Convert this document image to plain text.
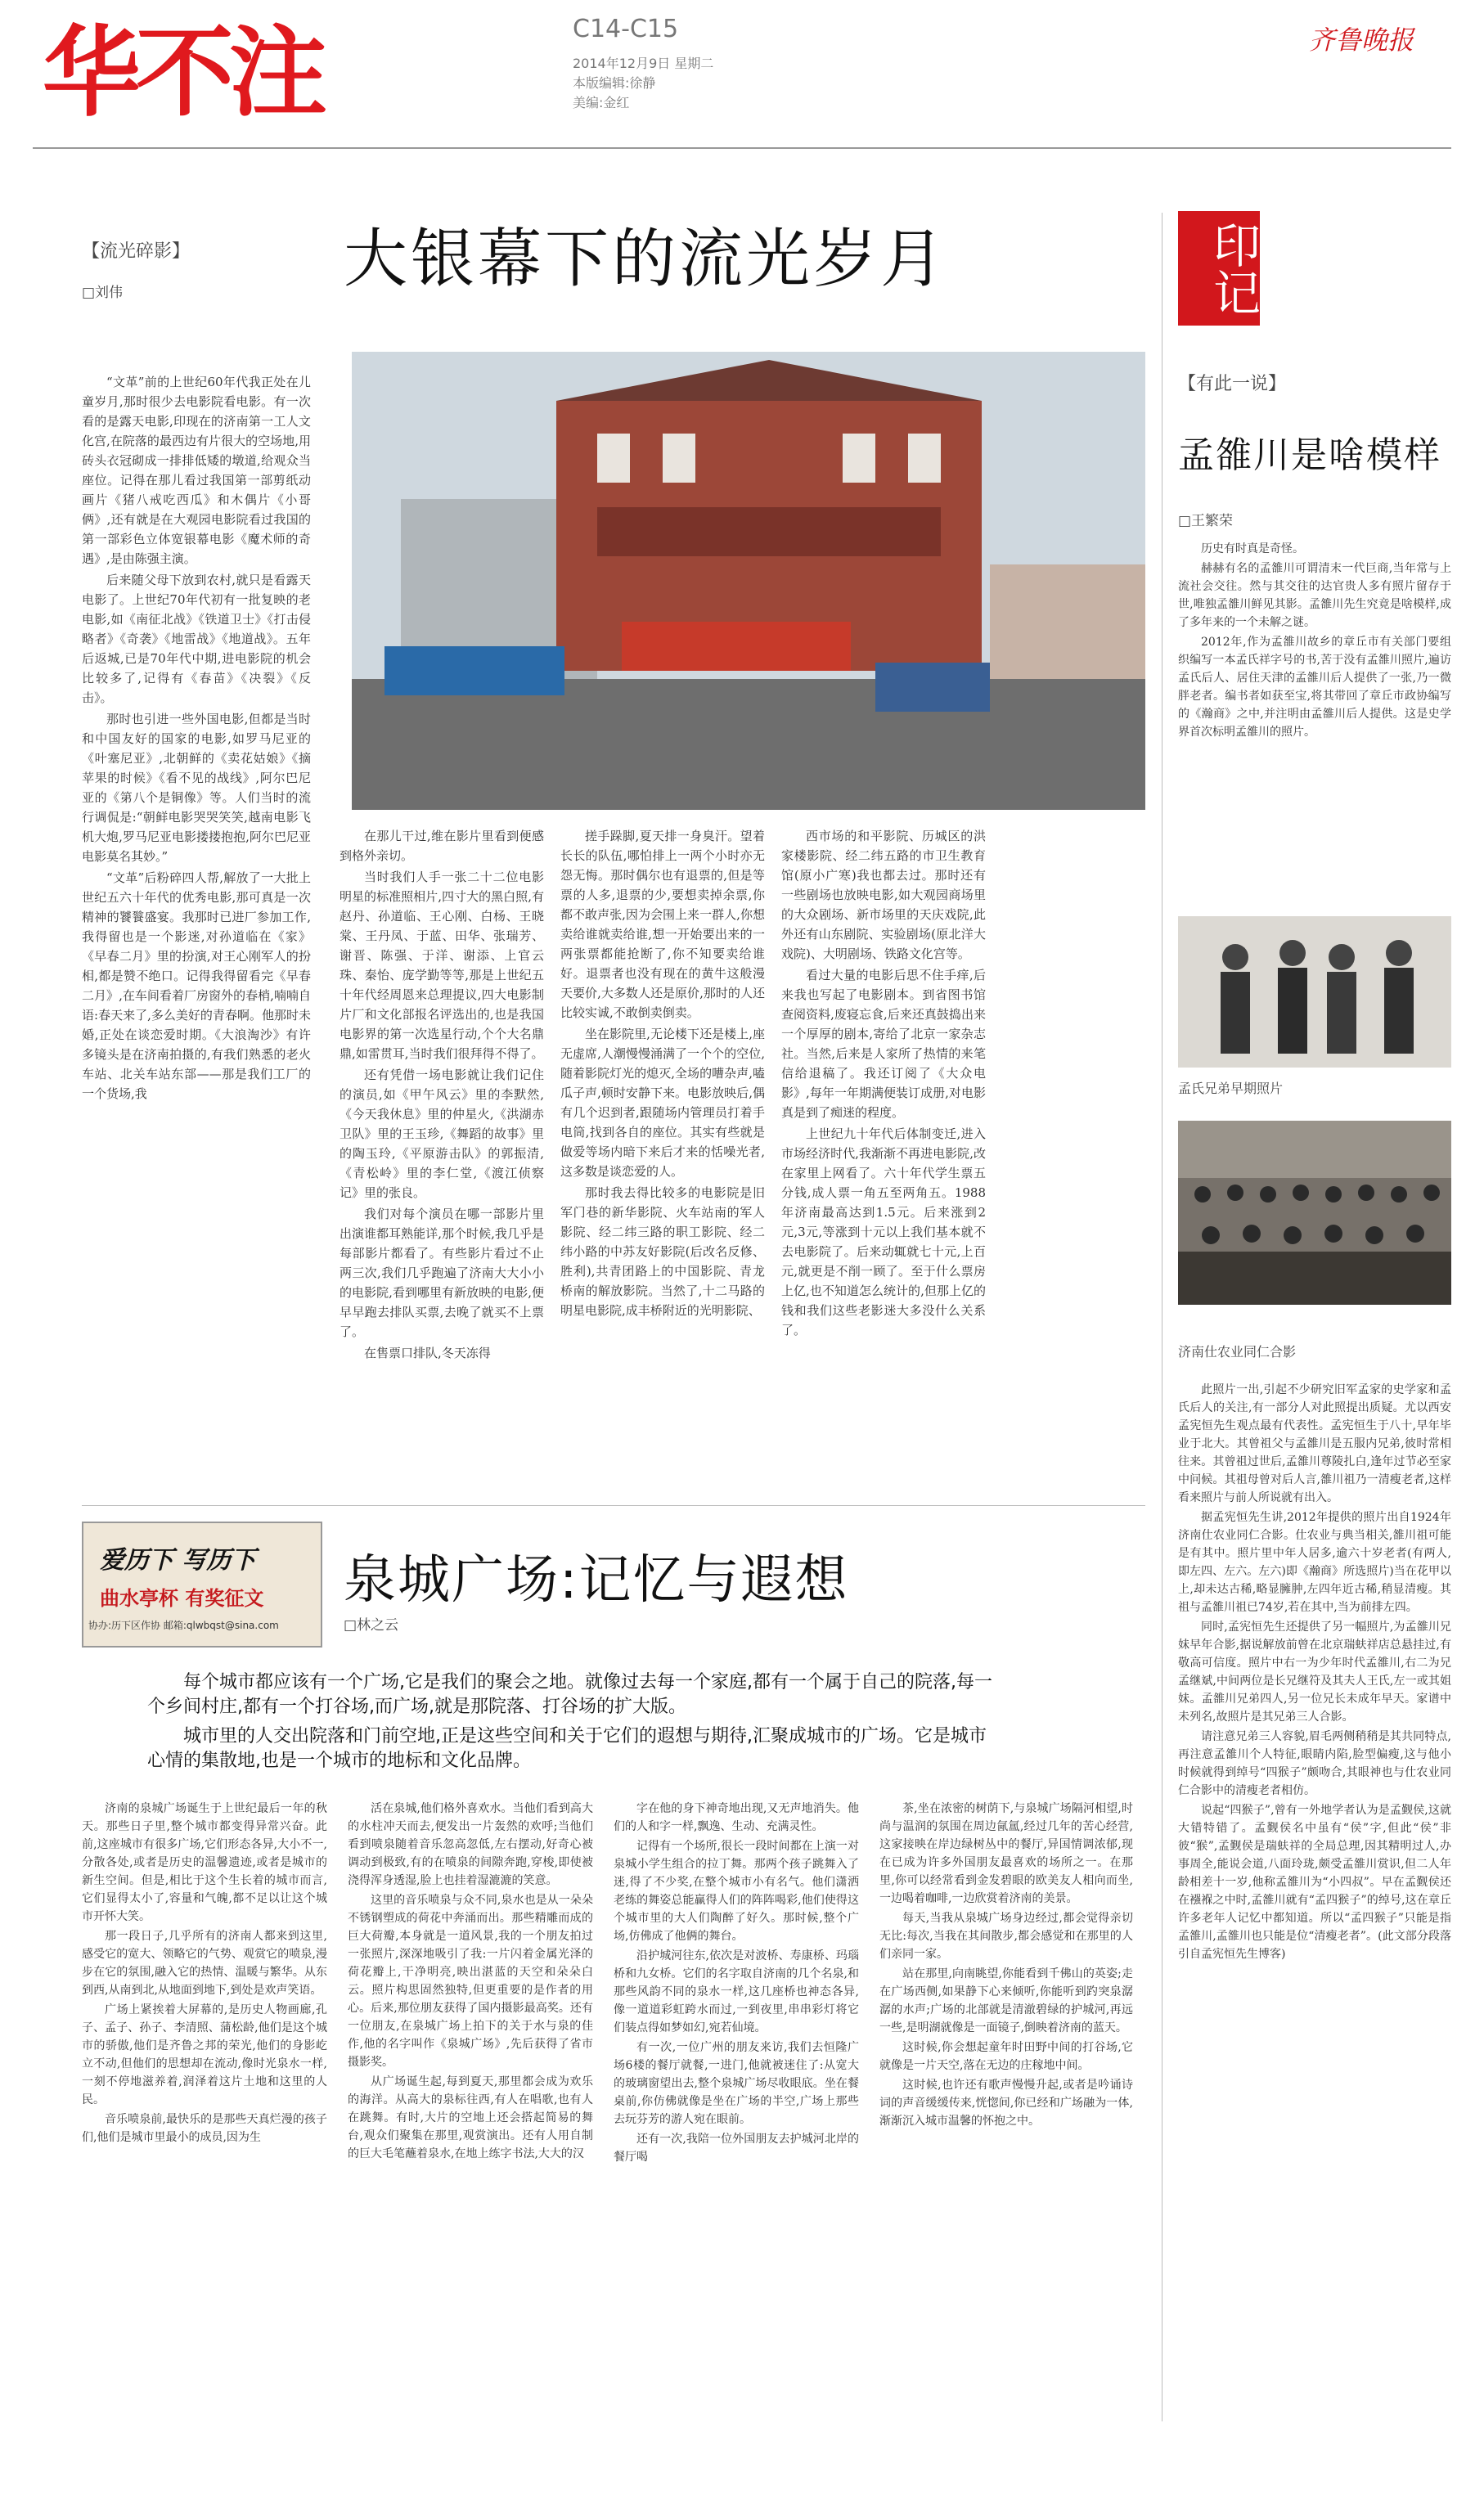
华不注	C14-C15
2014年12月9日 星期二
本版编辑:徐静
美编:金红
齐鲁晚报
【流光碎影】
□刘伟	大银幕下的流光岁月

“文革”前的上世纪60年代我正处在儿童岁月,那时很少去电影院看电影。有一次看的是露天电影,印现在的济南第一工人文化宫,在院落的最西边有片很大的空场地,用砖头衣冠砌成一排排低矮的墩道,给观众当座位。记得在那儿看过我国第一部剪纸动画片《猪八戒吃西瓜》和木偶片《小哥俩》,还有就是在大观园电影院看过我国的第一部彩色立体宽银幕电影《魔术师的奇遇》,是由陈强主演。

后来随父母下放到农村,就只是看露天电影了。上世纪70年代初有一批复映的老电影,如《南征北战》《铁道卫士》《打击侵略者》《奇袭》《地雷战》《地道战》。五年后返城,已是70年代中期,进电影院的机会比较多了,记得有《春苗》《决裂》《反击》。

那时也引进一些外国电影,但都是当时和中国友好的国家的电影,如罗马尼亚的《叶塞尼亚》,北朝鲜的《卖花姑娘》《摘苹果的时候》《看不见的战线》,阿尔巴尼亚的《第八个是铜像》等。人们当时的流行调侃是:“朝鲜电影哭哭笑笑,越南电影飞机大炮,罗马尼亚电影搂搂抱抱,阿尔巴尼亚电影莫名其妙。”

“文革”后粉碎四人帮,解放了一大批上世纪五六十年代的优秀电影,那可真是一次精神的饕餮盛宴。我那时已进厂参加工作,我得留也是一个影迷,对孙道临在《家》《早春二月》里的扮演,对王心刚军人的扮相,都是赞不绝口。记得我得留看完《早春二月》,在车间看着厂房窗外的春梢,喃喃自语:春天来了,多么美好的青春啊。他那时未婚,正处在谈恋爱时期。《大浪淘沙》有许多镜头是在济南拍摄的,有我们熟悉的老火车站、北关车站东部——那是我们工厂的一个货场,我

在那儿干过,维在影片里看到便感到格外亲切。

当时我们人手一张二十二位电影明星的标准照相片,四寸大的黑白照,有赵丹、孙道临、王心刚、白杨、王晓棠、王丹凤、于蓝、田华、张瑞芳、谢晋、陈强、于洋、谢添、上官云珠、秦怡、庞学勤等等,那是上世纪五十年代经周恩来总理提议,四大电影制片厂和文化部报名评选出的,也是我国电影界的第一次选星行动,个个大名鼎鼎,如雷贯耳,当时我们很拜得不得了。

还有凭借一场电影就让我们记住的演员,如《甲午风云》里的李默然,《今天我休息》里的仲星火,《洪湖赤卫队》里的王玉珍,《舞蹈的故事》里的陶玉玲,《平原游击队》的郭振清,《青松岭》里的李仁堂,《渡江侦察记》里的张良。

我们对每个演员在哪一部影片里出演谁都耳熟能详,那个时候,我几乎是每部影片都看了。有些影片看过不止两三次,我们几乎跑遍了济南大大小小的电影院,看到哪里有新放映的电影,便早早跑去排队买票,去晚了就买不上票了。

在售票口排队,冬天冻得

搓手跺脚,夏天排一身臭汗。望着长长的队伍,哪怕排上一两个小时亦无怨无悔。那时偶尔也有退票的,但是等票的人多,退票的少,要想卖掉余票,你都不敢声张,因为会围上来一群人,你想卖给谁就卖给谁,想一开始要出来的一两张票都能抢断了,你不知要卖给谁好。退票者也没有现在的黄牛这般漫天要价,大多数人还是原价,那时的人还比较实诚,不敢倒卖倒卖。

坐在影院里,无论楼下还是楼上,座无虚席,人潮慢慢涌满了一个个的空位,随着影院灯光的熄灭,全场的嘈杂声,嗑瓜子声,顿时安静下来。电影放映后,偶有几个迟到者,跟随场内管理员打着手电筒,找到各自的座位。其实有些就是做爱等场内暗下来后才来的恬噪光者,这多数是谈恋爱的人。

那时我去得比较多的电影院是旧军门巷的新华影院、火车站南的军人影院、经二纬三路的职工影院、经二纬小路的中苏友好影院(后改名反修、胜利),共青团路上的中国影院、青龙桥南的解放影院。当然了,十二马路的明星电影院,成丰桥附近的光明影院、

西市场的和平影院、历城区的洪家楼影院、经二纬五路的市卫生教育馆(原小广寒)我也都去过。那时还有一些剧场也放映电影,如大观园商场里的大众剧场、新市场里的天庆戏院,此外还有山东剧院、实验剧场(原北洋大戏院)、大明剧场、铁路文化宫等。

看过大量的电影后思不住手痒,后来我也写起了电影剧本。到省图书馆查阅资料,废寝忘食,后来还真鼓捣出来一个厚厚的剧本,寄给了北京一家杂志社。当然,后来是人家所了热情的来笔信给退稿了。我还订阅了《大众电影》,每年一年期满便装订成册,对电影真是到了痴迷的程度。

上世纪九十年代后体制变迁,进入市场经济时代,我渐渐不再进电影院,改在家里上网看了。六十年代学生票五分钱,成人票一角五至两角五。1988年济南最高达到1.5元。后来涨到2元,3元,等涨到十元以上我们基本就不去电影院了。后来动辄就七十元,上百元,就更是不削一顾了。至于什么票房上亿,也不知道怎么统计的,但那上亿的钱和我们这些老影迷大多没什么关系了。

印记
【有此一说】
孟雒川是啥模样
□王繁荣

历史有时真是奇怪。

赫赫有名的孟雒川可谓清末一代巨商,当年常与上流社会交往。然与其交往的达官贵人多有照片留存于世,唯独孟雒川鲜见其影。孟雒川先生究竟是啥模样,成了多年来的一个未解之谜。

2012年,作为孟雒川故乡的章丘市有关部门要组织编写一本孟氏祥字号的书,苦于没有孟雒川照片,遍访孟氏后人、居住天津的孟雒川后人提供了一张,乃一微胖老者。编书者如获至宝,将其带回了章丘市政协编写的《瀚商》之中,并注明由孟雒川后人提供。这是史学界首次标明孟雒川的照片。

孟氏兄弟早期照片
济南仕农业同仁合影

此照片一出,引起不少研究旧军孟家的史学家和孟氏后人的关注,有一部分人对此照提出质疑。尤以西安孟宪恒先生观点最有代表性。孟宪恒生于八十,早年毕业于北大。其曾祖父与孟雒川是五服内兄弟,彼时常相往来。其曾祖过世后,孟雒川尊陵扎白,逢年过节必至家中问候。其祖母曾对后人言,雒川祖乃一清瘦老者,这样看来照片与前人所说就有出入。

据孟宪恒先生讲,2012年提供的照片出自1924年济南仕农业同仁合影。仕农业与典当相关,雒川祖可能是有其中。照片里中年人居多,逾六十岁老者(有两人,即左四、左六。左六)即《瀚商》所选照片)当在花甲以上,却未达古稀,略显臃肿,左四年近古稀,稍显清瘦。其祖与孟雒川祖已74岁,若在其中,当为前排左四。

同时,孟宪恒先生还提供了另一幅照片,为孟雒川兄妹早年合影,据说解放前曾在北京瑞蚨祥店总悬挂过,有敬高可信度。照片中右一为少年时代孟雒川,右二为兄孟继斌,中间两位是长兄继符及其夫人王氏,左一或其姐妹。孟雒川兄弟四人,另一位兄长未成年早天。家谱中未列名,故照片是其兄弟三人合影。

请注意兄弟三人容貌,眉毛两侧稍稍是其共同特点,再注意孟雒川个人特征,眼睛内陷,脸型偏瘦,这与他小时候就得到绰号“四猴子”颇吻合,其眼神也与仕农业同仁合影中的清瘦老者相仿。

说起“四猴子”,曾有一外地学者认为是孟觐侯,这就大错特错了。孟觐侯名中虽有“侯”字,但此“侯”非彼“猴”,孟觐侯是瑞蚨祥的全局总理,因其精明过人,办事周全,能说会道,八面玲珑,颇受孟雒川赏识,但二人年龄相差十一岁,他称孟雒川为“小四叔”。早在孟觐侯还在襁褓之中时,孟雒川就有“孟四猴子”的绰号,这在章丘许多老年人记忆中都知道。所以“孟四猴子”只能是指孟雒川,孟雒川也只能是位“清瘦老者”。(此文部分段落引自孟宪恒先生博客)

爱历下 写历下
曲水亭杯 有奖征文
协办:历下区作协 邮箱:qlwbqst@sina.com
泉城广场:记忆与遐想
□林之云

每个城市都应该有一个广场,它是我们的聚会之地。就像过去每一个家庭,都有一个属于自己的院落,每一个乡间村庄,都有一个打谷场,而广场,就是那院落、打谷场的扩大版。

城市里的人交出院落和门前空地,正是这些空间和关于它们的遐想与期待,汇聚成城市的广场。它是城市心情的集散地,也是一个城市的地标和文化品牌。

济南的泉城广场诞生于上世纪最后一年的秋天。那些日子里,整个城市都变得异常兴奋。此前,这座城市有很多广场,它们形态各异,大小不一,分散各处,或者是历史的温馨遗迹,或者是城市的新生空间。但是,相比于这个生长着的城市而言,它们显得太小了,容量和气魄,都不足以让这个城市开怀大笑。

那一段日子,几乎所有的济南人都来到这里,感受它的宽大、领略它的气势、观赏它的喷泉,漫步在它的氛围,融入它的热情、温暖与繁华。从东到西,从南到北,从地面到地下,到处是欢声笑语。

广场上紧挨着大屏幕的,是历史人物画廊,孔子、孟子、孙子、李清照、蒲松龄,他们是这个城市的骄傲,他们是齐鲁之邦的荣光,他们的身影屹立不动,但他们的思想却在流动,像时光泉水一样,一刻不停地滋养着,润泽着这片土地和这里的人民。

音乐喷泉前,最快乐的是那些天真烂漫的孩子们,他们是城市里最小的成员,因为生

活在泉城,他们格外喜欢水。当他们看到高大的水柱冲天而去,便发出一片轰然的欢呼;当他们看到喷泉随着音乐忽高忽低,左右摆动,好奇心被调动到极致,有的在喷泉的间隙奔跑,穿梭,即使被浇得浑身透湿,脸上也挂着湿漉漉的笑意。

这里的音乐喷泉与众不同,泉水也是从一朵朵不锈钢塑成的荷花中奔涌而出。那些精雕而成的巨大荷瓣,本身就是一道风景,我的一个朋友拍过一张照片,深深地吸引了我:一片闪着金属光泽的荷花瓣上,干净明亮,映出湛蓝的天空和朵朵白云。照片构思固然独特,但更重要的是作者的用心。后来,那位朋友获得了国内摄影最高奖。还有一位朋友,在泉城广场上拍下的关于水与泉的佳作,他的名字叫作《泉城广场》,先后获得了省市摄影奖。

从广场诞生起,每到夏天,那里都会成为欢乐的海洋。从高大的泉标往西,有人在唱歌,也有人在跳舞。有时,大片的空地上还会搭起简易的舞台,观众们聚集在那里,观赏演出。还有人用自制的巨大毛笔蘸着泉水,在地上练字书法,大大的汉

字在他的身下神奇地出现,又无声地消失。他们的人和字一样,飘逸、生动、充满灵性。

记得有一个场所,很长一段时间都在上演一对泉城小学生组合的拉丁舞。那两个孩子跳舞入了迷,得了不少奖,在整个城市小有名气。他们潇洒老练的舞姿总能赢得人们的阵阵喝彩,他们使得这个城市里的大人们陶醉了好久。那时候,整个广场,仿佛成了他俩的舞台。

沿护城河往东,依次是对波桥、寿康桥、玛瑙桥和九女桥。它们的名字取自济南的几个名泉,和那些风韵不同的泉水一样,这几座桥也神态各异,像一道道彩虹跨水而过,一到夜里,串串彩灯将它们装点得如梦如幻,宛若仙境。

有一次,一位广州的朋友来访,我们去恒隆广场6楼的餐厅就餐,一进门,他就被迷住了:从宽大的玻璃窗望出去,整个泉城广场尽收眼底。坐在餐桌前,你仿佛就像是坐在广场的半空,广场上那些去玩芬芳的游人宛在眼前。

还有一次,我陪一位外国朋友去护城河北岸的餐厅喝

茶,坐在浓密的树荫下,与泉城广场隔河相望,时尚与温润的氛围在周边氤氲,经过几年的苦心经营,这家接映在岸边绿树丛中的餐厅,异国情调浓郁,现在已成为许多外国朋友最喜欢的场所之一。在那里,你可以经常看到金发碧眼的欧美友人相向而坐,一边喝着咖啡,一边欣赏着济南的美景。

每天,当我从泉城广场身边经过,都会觉得亲切无比:每次,当我在其间散步,都会感觉和在那里的人们亲同一家。

站在那里,向南眺望,你能看到千佛山的英姿;走在广场西侧,如果静下心来倾听,你能听到趵突泉潺潺的水声;广场的北部就是清澈碧绿的护城河,再远一些,是明湖就像是一面镜子,倒映着济南的蓝天。

这时候,你会想起童年时田野中间的打谷场,它就像是一片天空,落在无边的庄稼地中间。

这时候,也许还有歌声慢慢升起,或者是吟诵诗词的声音缓缓传来,恍惚间,你已经和广场融为一体,渐渐沉入城市温馨的怀抱之中。
